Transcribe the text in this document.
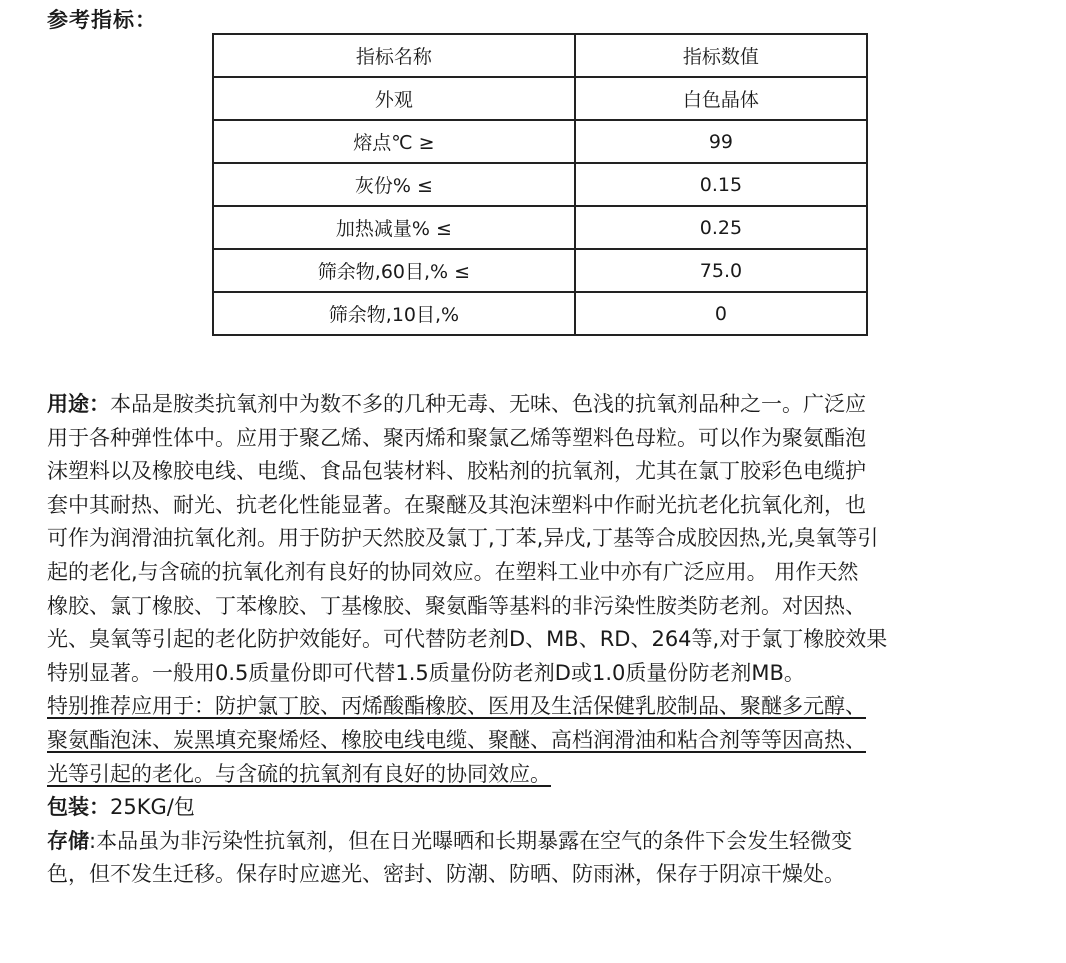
参考指标：
指标名称	指标数值
外观	白色晶体
熔点℃ ≥	99
灰份% ≤	0.15
加热减量% ≤	0.25
筛余物,60目,% ≤	75.0
筛余物,10目,%	0

用途：本品是胺类抗氧剂中为数不多的几种无毒、无味、色浅的抗氧剂品种之一。广泛应
用于各种弹性体中。应用于聚乙烯、聚丙烯和聚氯乙烯等塑料色母粒。可以作为聚氨酯泡
沫塑料以及橡胶电线、电缆、食品包装材料、胶粘剂的抗氧剂，尤其在氯丁胶彩色电缆护
套中其耐热、耐光、抗老化性能显著。在聚醚及其泡沫塑料中作耐光抗老化抗氧化剂，也
可作为润滑油抗氧化剂。用于防护天然胶及氯丁,丁苯,异戊,丁基等合成胶因热,光,臭氧等引
起的老化,与含硫的抗氧化剂有良好的协同效应。在塑料工业中亦有广泛应用。 用作天然
橡胶、氯丁橡胶、丁苯橡胶、丁基橡胶、聚氨酯等基料的非污染性胺类防老剂。对因热、
光、臭氧等引起的老化防护效能好。可代替防老剂D、MB、RD、264等,对于氯丁橡胶效果
特别显著。一般用0.5质量份即可代替1.5质量份防老剂D或1.0质量份防老剂MB。

特别推荐应用于：防护氯丁胶、丙烯酸酯橡胶、医用及生活保健乳胶制品、聚醚多元醇、
聚氨酯泡沫、炭黑填充聚烯烃、橡胶电线电缆、聚醚、高档润滑油和粘合剂等等因高热、
光等引起的老化。与含硫的抗氧剂有良好的协同效应。

包装：25KG/包

存储:本品虽为非污染性抗氧剂，但在日光曝晒和长期暴露在空气的条件下会发生轻微变
色，但不发生迁移。保存时应遮光、密封、防潮、防晒、防雨淋，保存于阴凉干燥处。
